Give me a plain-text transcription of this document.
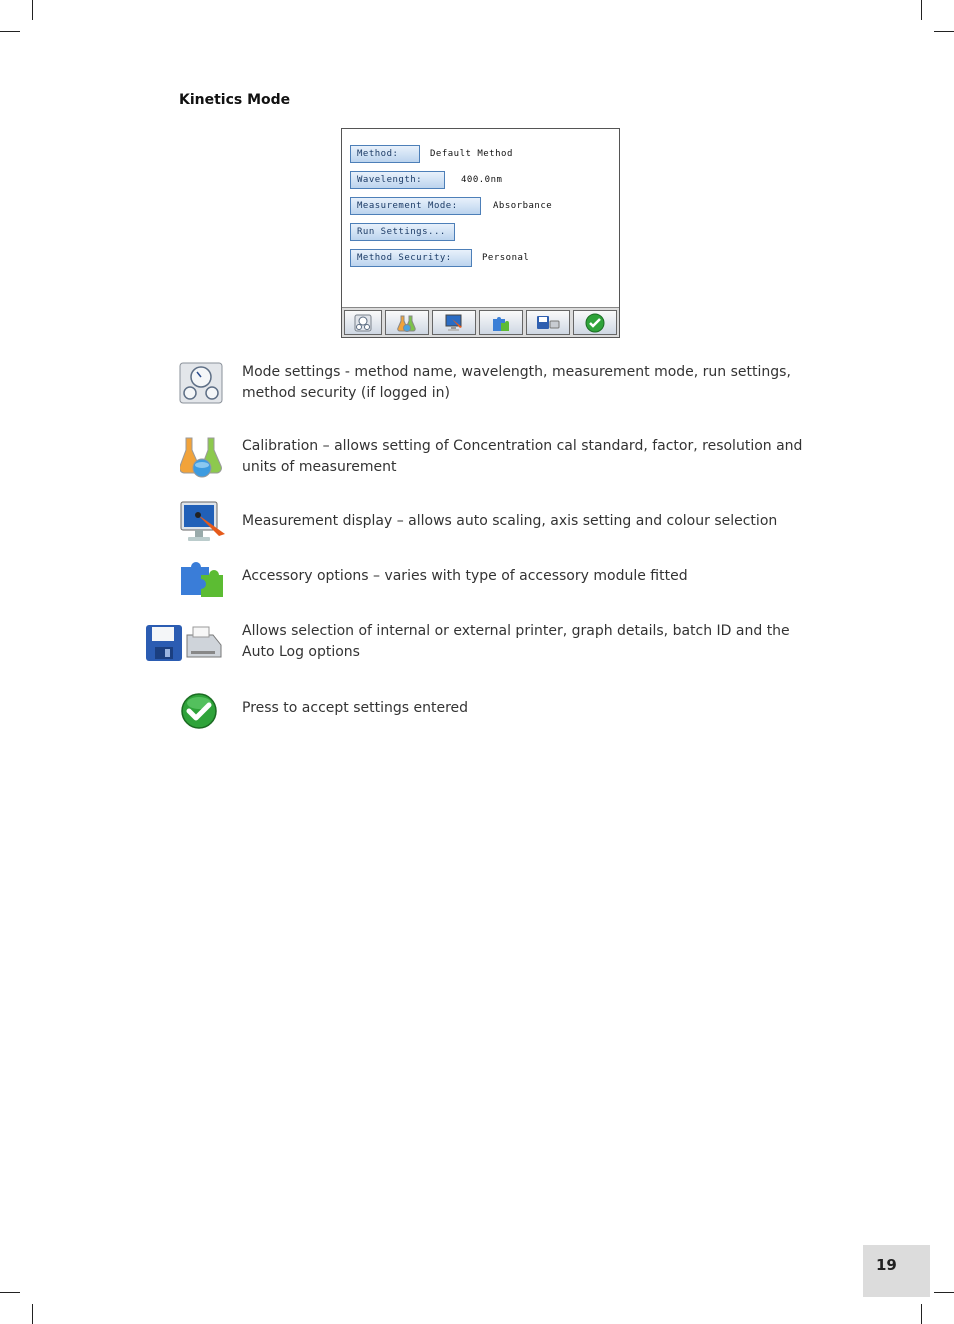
Kinetics Mode
Method:	Default Method
Wavelength:	400.0nm
Measurement Mode:	Absorbance
Run Settings...
Method Security:	Personal
Mode settings - method name, wavelength, measurement mode, run settings, method security (if logged in)
Calibration – allows setting of Concentration cal standard, factor, resolution and units of measurement
Measurement display – allows auto scaling, axis setting and colour selection
Accessory options – varies with type of accessory module fitted
Allows selection of internal or external printer, graph details, batch ID and the Auto Log options
Press to accept settings entered
19
